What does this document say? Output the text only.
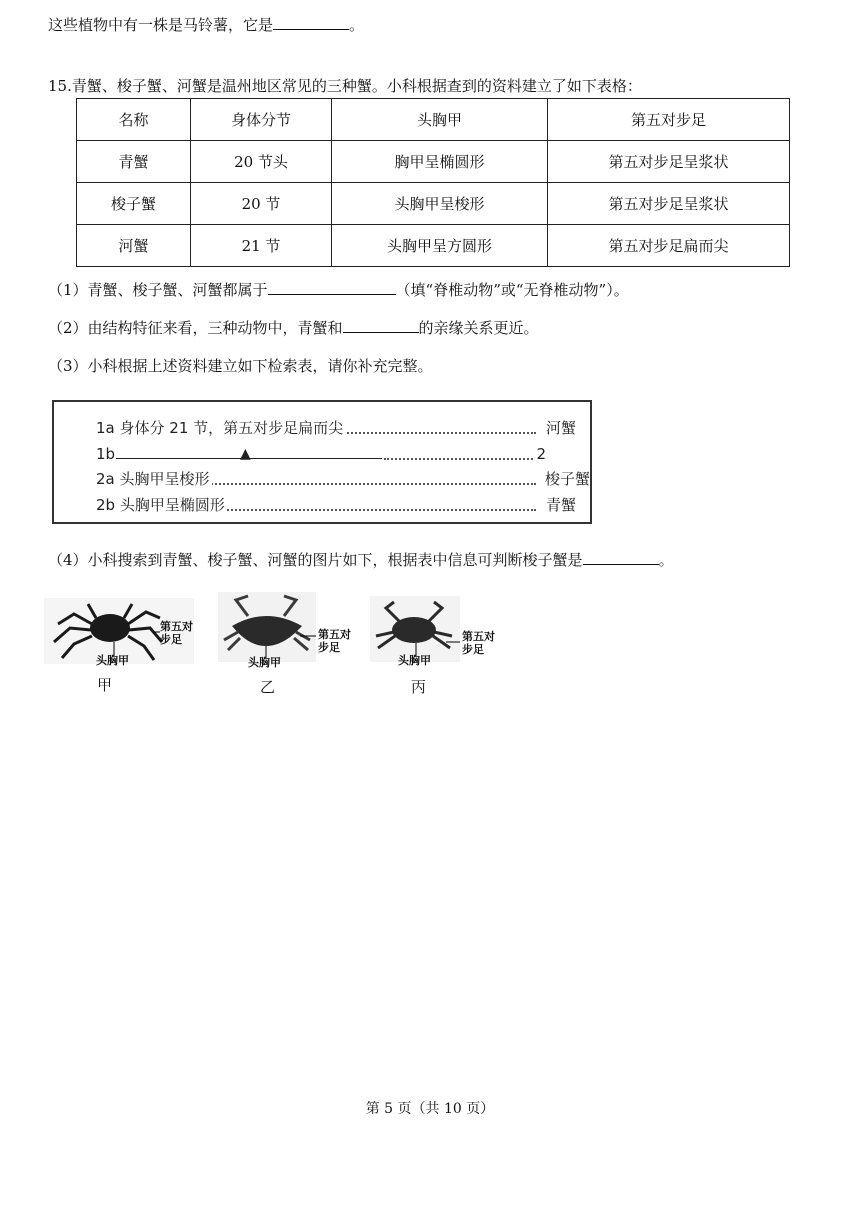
这些植物中有一株是马铃薯，它是	。
15.青蟹、梭子蟹、河蟹是温州地区常见的三种蟹。小科根据查到的资料建立了如下表格：
名称	身体分节	头胸甲	第五对步足
青蟹	20 节头	胸甲呈椭圆形	第五对步足呈浆状
梭子蟹	20 节	头胸甲呈梭形	第五对步足呈浆状
河蟹	21 节	头胸甲呈方圆形	第五对步足扁而尖
（1）青蟹、梭子蟹、河蟹都属于	（填“脊椎动物”或“无脊椎动物”）。
（2）由结构特征来看，三种动物中，青蟹和	的亲缘关系更近。
（3）小科根据上述资料建立如下检索表，请你补充完整。
1a 身体分 21 节，第五对步足扁而尖	河蟹
1b	▲	2
2a 头胸甲呈梭形	梭子蟹
2b 头胸甲呈椭圆形	青蟹
（4）小科搜索到青蟹、梭子蟹、河蟹的图片如下，根据表中信息可判断梭子蟹是	。
第五对步足
头胸甲
甲
第五对步足
头胸甲
乙
第五对步足
头胸甲
丙
第 5 页（共 10 页）
